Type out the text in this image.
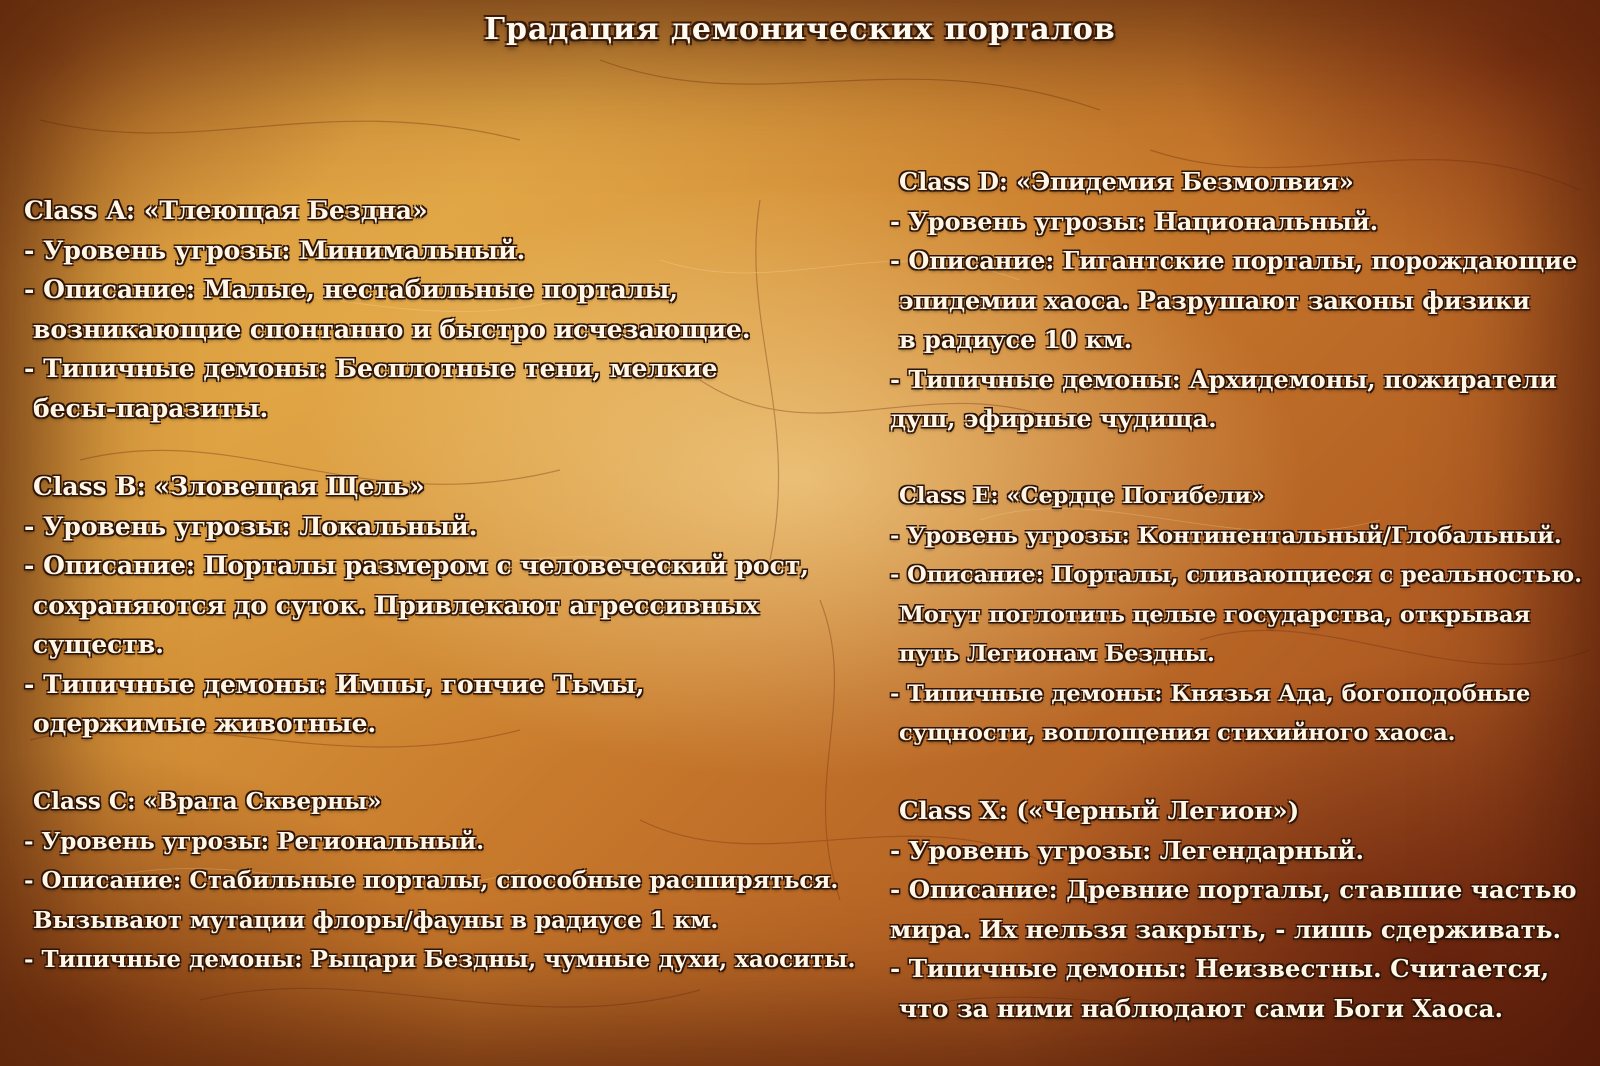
Градация демонических порталов
Class A: «Тлеющая Бездна»
- Уровень угрозы: Минимальный.
- Описание: Малые, нестабильные порталы,
возникающие спонтанно и быстро исчезающие.
- Типичные демоны: Бесплотные тени, мелкие
бесы-паразиты.
Class B: «Зловещая Щель»
- Уровень угрозы: Локальный.
- Описание: Порталы размером с человеческий рост,
сохраняются до суток. Привлекают агрессивных
существ.
- Типичные демоны: Импы, гончие Тьмы,
одержимые животные.
Class C: «Врата Скверны»
- Уровень угрозы: Региональный.
- Описание: Стабильные порталы, способные расширяться.
Вызывают мутации флоры/фауны в радиусе 1 км.
- Типичные демоны: Рыцари Бездны, чумные духи, хаоситы.
Class D: «Эпидемия Безмолвия»
- Уровень угрозы: Национальный.
- Описание: Гигантские порталы, порождающие
эпидемии хаоса. Разрушают законы физики
в радиусе 10 км.
- Типичные демоны: Архидемоны, пожиратели
душ, эфирные чудища.
Class E: «Сердце Погибели»
- Уровень угрозы: Континентальный/Глобальный.
- Описание: Порталы, сливающиеся с реальностью.
Могут поглотить целые государства, открывая
путь Легионам Бездны.
- Типичные демоны: Князья Ада, богоподобные
сущности, воплощения стихийного хаоса.
Class X: («Черный Легион»)
- Уровень угрозы: Легендарный.
- Описание: Древние порталы, ставшие частью
мира. Их нельзя закрыть, - лишь сдерживать.
- Типичные демоны: Неизвестны. Считается,
что за ними наблюдают сами Боги Хаоса.
